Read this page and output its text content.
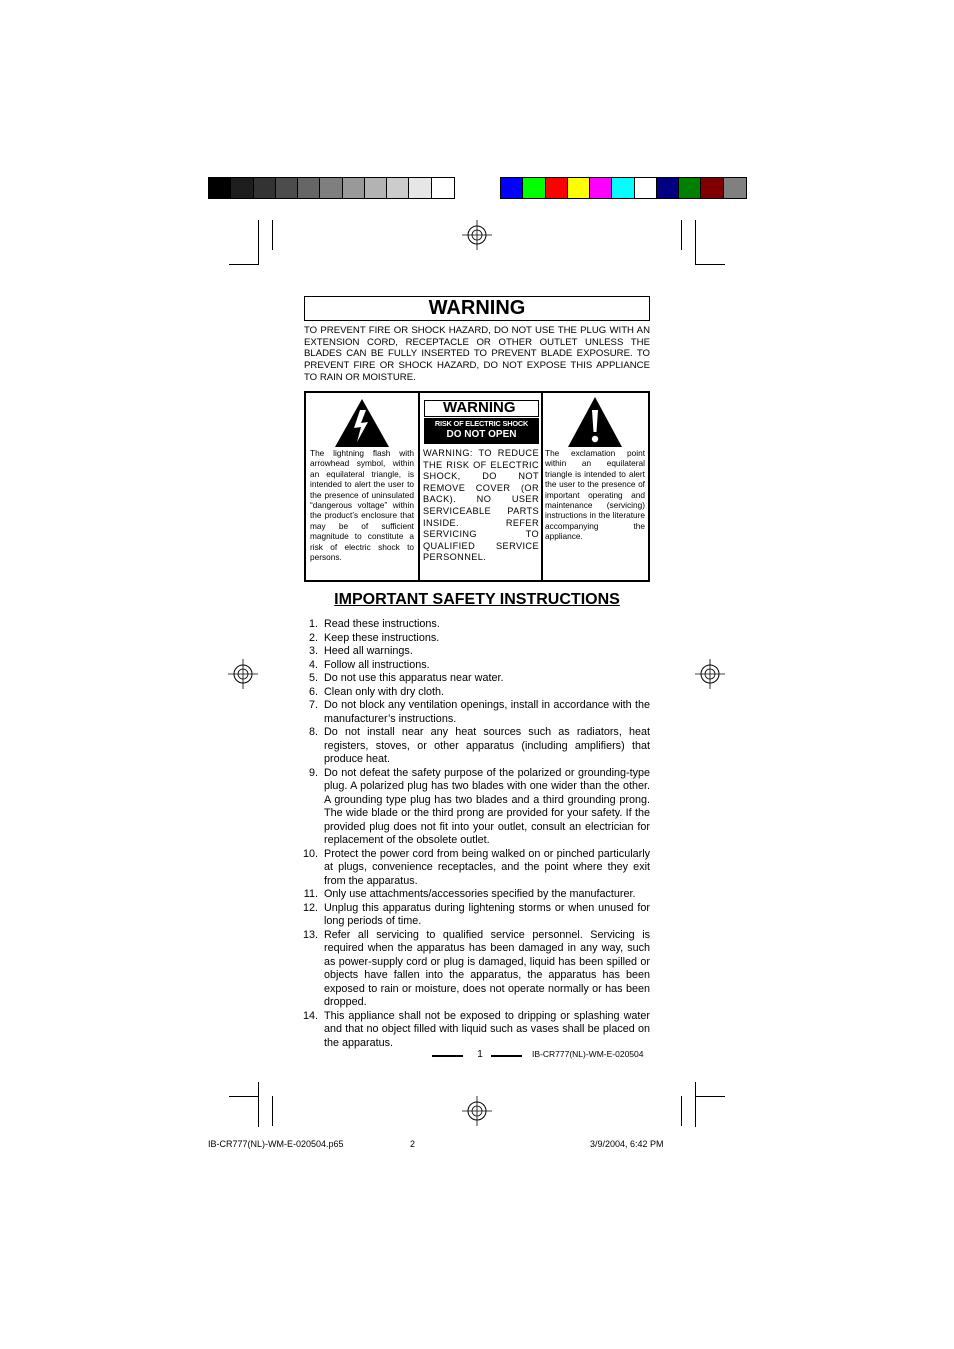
WARNING
TO PREVENT FIRE OR SHOCK HAZARD, DO NOT USE THE PLUG WITH AN EXTENSION CORD, RECEPTACLE OR OTHER OUTLET UNLESS THE BLADES CAN BE FULLY INSERTED TO PREVENT BLADE EXPOSURE. TO PREVENT FIRE OR SHOCK HAZARD, DO NOT EXPOSE THIS APPLIANCE TO RAIN OR MOISTURE.
The lightning flash with arrowhead symbol, within an equilateral triangle, is intended to alert the user to the presence of uninsulated “dangerous voltage” within the product’s enclosure that may be of sufficient magnitude to constitute a risk of electric shock to persons.
WARNING
RISK OF ELECTRIC SHOCK
DO NOT OPEN
WARNING: TO REDUCE THE RISK OF ELECTRIC SHOCK, DO NOT REMOVE COVER (OR BACK). NO USER SERVICEABLE PARTS INSIDE. REFER SERVICING TO QUALIFIED SERVICE PERSONNEL.
The exclamation point within an equilateral triangle is intended to alert the user to the presence of important operating and maintenance (servicing) instructions in the literature accompanying the appliance.
IMPORTANT SAFETY INSTRUCTIONS
1. Read these instructions.
2. Keep these instructions.
3. Heed all warnings.
4. Follow all instructions.
5. Do not use this apparatus near water.
6. Clean only with dry cloth.
7. Do not block any ventilation openings, install in accordance with the manufacturer’s instructions.
8. Do not install near any heat sources such as radiators, heat registers, stoves, or other apparatus (including amplifiers) that produce heat.
9. Do not defeat the safety purpose of the polarized or grounding-type plug. A polarized plug has two blades with one wider than the other. A grounding type plug has two blades and a third grounding prong. The wide blade or the third prong are provided for your safety. If the provided plug does not fit into your outlet, consult an electrician for replacement of the obsolete outlet.
10. Protect the power cord from being walked on or pinched particularly at plugs, convenience receptacles, and the point where they exit from the apparatus.
11. Only use attachments/accessories specified by the manufacturer.
12. Unplug this apparatus during lightening storms or when unused for long periods of time.
13. Refer all servicing to qualified service personnel. Servicing is required when the apparatus has been damaged in any way, such as power-supply cord or plug is damaged, liquid has been spilled or objects have fallen into the apparatus, the apparatus has been exposed to rain or moisture, does not operate normally or has been dropped.
14. This appliance shall not be exposed to dripping or splashing water and that no object filled with liquid such as vases shall be placed on the apparatus.
1	IB-CR777(NL)-WM-E-020504
IB-CR777(NL)-WM-E-020504.p65	2	3/9/2004, 6:42 PM
